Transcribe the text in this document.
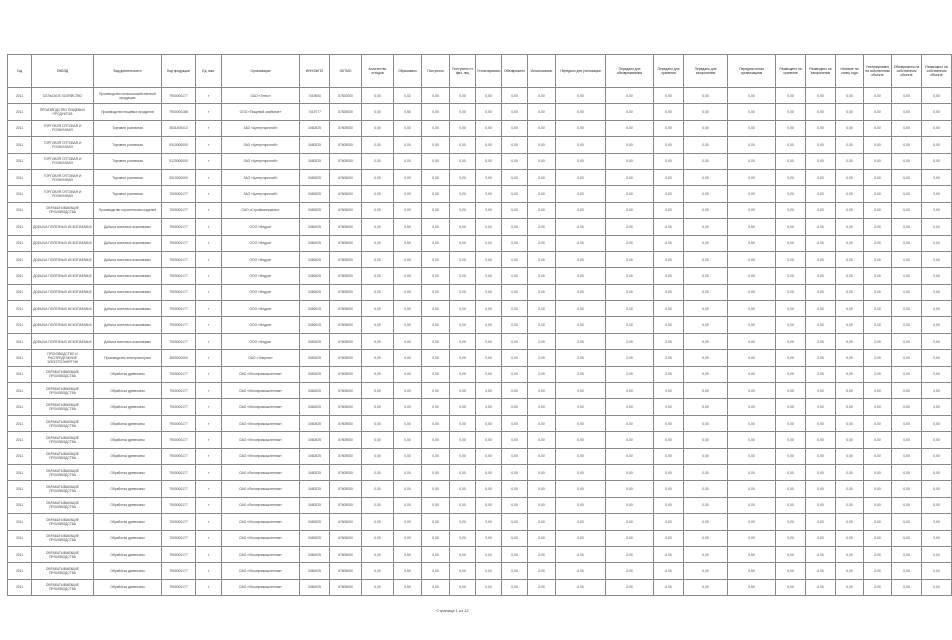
Год	ОКВЭД	Вид деятельности	Код продукции	Ед. изм.	Организация	ИНН/ОКПО	ОКТМО	Количество отходов	Образовано	Поступило	Поступило от физ. лиц	Утилизировано	Обезврежено	Использовано	Передано для утилизации	Передано для обезвреживания	Передано для хранения	Передано для захоронения	Передано иным организациям	Размещено на хранение	Размещено на захоронение	Наличие на конец года	Утилизировано на собственном объекте	Обезврежено на собственном объекте	Размещено на собственном объекте
2011	СЕЛЬСКОЕ ХОЗЯЙСТВО	Производство сельскохозяйственной продукции	7900000177	т	ОАО «Тетис»	7419000	57620000	0,00	0,02	0,00	0,00	0,00	0,00	0,00	0,00	0,00	0,00	0,00	0,00	0,00	0,00	0,00	0,00	0,00	0,00
2011	ПРОИЗВОДСТВО ПИЩЕВЫХ ПРОДУКТОВ	Производство пищевых продуктов	7900000188	т	ООО «Пищевой комбинат»	7419777	57625000	0,00	0,50	0,00	0,00	0,00	0,00	0,00	0,00	0,00	0,00	0,00	0,00	0,00	0,00	0,00	0,00	0,00	0,00
2011	ТОРГОВЛЯ ОПТОВАЯ И РОЗНИЧНАЯ	Торговля розничная	3531400013	т	ЗАО «Центрторгснаб»	3460025	57605000	0,00	0,00	0,00	0,00	0,00	0,00	0,00	0,00	0,00	0,00	0,00	0,00	0,00	0,00	0,00	0,00	0,00	0,00
2011	ТОРГОВЛЯ ОПТОВАЯ И РОЗНИЧНАЯ	Торговля розничная	9310000000	т	ЗАО «Центрторгснаб»	3460025	57605000	0,00	0,00	0,00	0,00	0,00	0,00	0,00	0,00	0,00	0,00	0,00	0,00	0,00	0,00	0,00	0,00	0,00	0,00
2011	ТОРГОВЛЯ ОПТОВАЯ И РОЗНИЧНАЯ	Торговля розничная	9120000000	т	ЗАО «Центрторгснаб»	3460025	57605000	0,00	0,00	0,00	0,00	0,00	0,00	0,00	0,00	0,00	0,00	0,00	0,00	0,00	0,00	0,00	0,00	0,00	0,00
2011	ТОРГОВЛЯ ОПТОВАЯ И РОЗНИЧНАЯ	Торговля розничная	9310000000	т	ЗАО «Центрторгснаб»	3460025	57605000	0,00	0,00	0,00	0,00	0,00	0,00	0,00	0,00	0,00	0,00	0,00	0,00	0,00	0,00	0,00	0,00	0,00	0,00
2011	ТОРГОВЛЯ ОПТОВАЯ И РОЗНИЧНАЯ	Торговля розничная	7900000177	т	ЗАО «Центрторгснаб»	3460025	57605000	0,00	0,00	0,00	0,00	0,00	0,00	0,00	0,00	0,00	0,00	0,00	0,00	0,00	0,00	0,00	0,00	0,00	0,00
2011	ОБРАБАТЫВАЮЩИЕ ПРОИЗВОДСТВА	Производство строительных изделий	7900000177	т	ОАО «Стройматериалы»	3460025	57605000	0,00	0,00	0,00	0,00	0,00	0,00	0,00	0,00	0,00	0,00	0,00	0,00	0,00	0,00	0,00	0,00	0,00	0,00
2011	ДОБЫЧА ПОЛЕЗНЫХ ИСКОПАЕМЫХ	Добыча полезных ископаемых	7900000177	т	ООО «Недра»	3460025	57605000	0,00	0,00	0,00	0,00	0,00	0,00	0,00	0,00	0,00	0,00	0,00	0,00	0,00	0,00	0,00	0,00	0,00	0,00
2011	ДОБЫЧА ПОЛЕЗНЫХ ИСКОПАЕМЫХ	Добыча полезных ископаемых	7900000177	т	ООО «Недра»	3460025	57605000	0,00	0,00	0,00	0,00	0,00	0,00	0,00	0,00	0,00	0,00	0,00	0,00	0,00	0,00	0,00	0,00	0,00	0,00
2011	ДОБЫЧА ПОЛЕЗНЫХ ИСКОПАЕМЫХ	Добыча полезных ископаемых	7900000177	т	ООО «Недра»	3460025	57605000	0,00	0,00	0,00	0,00	0,00	0,00	0,00	0,00	0,00	0,00	0,00	0,00	0,00	0,00	0,00	0,00	0,00	0,00
2011	ДОБЫЧА ПОЛЕЗНЫХ ИСКОПАЕМЫХ	Добыча полезных ископаемых	7900000177	т	ООО «Недра»	3460025	57605000	0,00	0,00	0,00	0,00	0,00	0,00	0,00	0,00	0,00	0,00	0,00	0,00	0,00	0,00	0,00	0,00	0,00	0,00
2011	ДОБЫЧА ПОЛЕЗНЫХ ИСКОПАЕМЫХ	Добыча полезных ископаемых	7900000177	т	ООО «Недра»	3460025	57605000	0,00	0,00	0,00	0,00	0,00	0,00	0,00	0,00	0,00	0,00	0,00	0,00	0,00	0,00	0,00	0,00	0,00	0,00
2011	ДОБЫЧА ПОЛЕЗНЫХ ИСКОПАЕМЫХ	Добыча полезных ископаемых	7900000177	т	ООО «Недра»	3460025	57605000	0,00	0,00	0,00	0,00	0,00	0,00	0,00	0,00	0,00	0,00	0,00	0,00	0,00	0,00	0,00	0,00	0,00	0,00
2011	ДОБЫЧА ПОЛЕЗНЫХ ИСКОПАЕМЫХ	Добыча полезных ископаемых	7900000177	т	ООО «Недра»	3460025	57605000	0,00	0,00	0,00	0,00	0,00	0,00	0,00	0,00	0,00	0,00	0,00	0,00	0,00	0,00	0,00	0,00	0,00	0,00
2011	ДОБЫЧА ПОЛЕЗНЫХ ИСКОПАЕМЫХ	Добыча полезных ископаемых	7900000177	т	ООО «Недра»	3460025	57605000	0,00	0,00	0,00	0,00	0,00	0,00	0,00	0,00	0,00	0,00	0,00	0,00	0,00	0,00	0,00	0,00	0,00	0,00
2011	ПРОИЗВОДСТВО И РАСПРЕДЕЛЕНИЕ ЭЛЕКТРОЭНЕРГИИ	Производство электроэнергии	3500000000	т	ОАО «Энергия»	3460025	57605000	0,00	0,00	0,00	0,00	0,00	0,00	0,00	0,00	0,00	0,00	0,00	0,00	0,00	0,00	0,00	0,00	0,00	0,00
2011	ОБРАБАТЫВАЮЩИЕ ПРОИЗВОДСТВА	Обработка древесины	7900000177	т	ОАО «Лесопромышленник»	3460025	57605000	0,00	0,00	0,00	0,00	0,00	0,00	0,00	0,00	0,00	0,00	0,00	0,00	0,00	0,00	0,00	0,00	0,00	0,00
2011	ОБРАБАТЫВАЮЩИЕ ПРОИЗВОДСТВА	Обработка древесины	7900000177	т	ОАО «Лесопромышленник»	3460025	57605000	0,00	0,00	0,00	0,00	0,00	0,00	0,00	0,00	0,00	0,00	0,00	0,00	0,00	0,00	0,00	0,00	0,00	0,00
2011	ОБРАБАТЫВАЮЩИЕ ПРОИЗВОДСТВА	Обработка древесины	7900000177	т	ОАО «Лесопромышленник»	3460025	57605000	0,00	0,00	0,00	0,00	0,00	0,00	0,00	0,00	0,00	0,00	0,00	0,00	0,00	0,00	0,00	0,00	0,00	0,00
2011	ОБРАБАТЫВАЮЩИЕ ПРОИЗВОДСТВА	Обработка древесины	7900000177	т	ОАО «Лесопромышленник»	3460025	57605000	0,00	0,00	0,00	0,00	0,00	0,00	0,00	0,00	0,00	0,00	0,00	0,00	0,00	0,00	0,00	0,00	0,00	0,00
2011	ОБРАБАТЫВАЮЩИЕ ПРОИЗВОДСТВА	Обработка древесины	7900000177	т	ОАО «Лесопромышленник»	3460025	57605000	0,00	0,00	0,00	0,00	0,00	0,00	0,00	0,00	0,00	0,00	0,00	0,00	0,00	0,00	0,00	0,00	0,00	0,00
2011	ОБРАБАТЫВАЮЩИЕ ПРОИЗВОДСТВА	Обработка древесины	7900000177	т	ОАО «Лесопромышленник»	3460025	57605000	0,00	0,00	0,00	0,00	0,00	0,00	0,00	0,00	0,00	0,00	0,00	0,00	0,00	0,00	0,00	0,00	0,00	0,00
2011	ОБРАБАТЫВАЮЩИЕ ПРОИЗВОДСТВА	Обработка древесины	7900000177	т	ОАО «Лесопромышленник»	3460025	57605000	0,00	0,00	0,00	0,00	0,00	0,00	0,00	0,00	0,00	0,00	0,00	0,00	0,00	0,00	0,00	0,00	0,00	0,00
2011	ОБРАБАТЫВАЮЩИЕ ПРОИЗВОДСТВА	Обработка древесины	7900000177	т	ОАО «Лесопромышленник»	3460025	57605000	0,00	0,00	0,00	0,00	0,00	0,00	0,00	0,00	0,00	0,00	0,00	0,00	0,00	0,00	0,00	0,00	0,00	0,00
2011	ОБРАБАТЫВАЮЩИЕ ПРОИЗВОДСТВА	Обработка древесины	7900000177	т	ОАО «Лесопромышленник»	3460025	57605000	0,00	0,00	0,00	0,00	0,00	0,00	0,00	0,00	0,00	0,00	0,00	0,00	0,00	0,00	0,00	0,00	0,00	0,00
2011	ОБРАБАТЫВАЮЩИЕ ПРОИЗВОДСТВА	Обработка древесины	7900000177	т	ОАО «Лесопромышленник»	3460025	57605000	0,00	0,00	0,00	0,00	0,00	0,00	0,00	0,00	0,00	0,00	0,00	0,00	0,00	0,00	0,00	0,00	0,00	0,00
2011	ОБРАБАТЫВАЮЩИЕ ПРОИЗВОДСТВА	Обработка древесины	7900000177	т	ОАО «Лесопромышленник»	3460025	57605000	0,00	0,00	0,00	0,00	0,00	0,00	0,00	0,00	0,00	0,00	0,00	0,00	0,00	0,00	0,00	0,00	0,00	0,00
2011	ОБРАБАТЫВАЮЩИЕ ПРОИЗВОДСТВА	Обработка древесины	7900000177	т	ОАО «Лесопромышленник»	3460025	57605000	0,00	0,00	0,00	0,00	0,00	0,00	0,00	0,00	0,00	0,00	0,00	0,00	0,00	0,00	0,00	0,00	0,00	0,00
2011	ОБРАБАТЫВАЮЩИЕ ПРОИЗВОДСТВА	Обработка древесины	7900000177	т	ОАО «Лесопромышленник»	3460025	57605000	0,00	0,00	0,00	0,00	0,00	0,00	0,00	0,00	0,00	0,00	0,00	0,00	0,00	0,00	0,00	0,00	0,00	0,00
2011	ОБРАБАТЫВАЮЩИЕ ПРОИЗВОДСТВА	Обработка древесины	7900000177	т	ОАО «Лесопромышленник»	3460025	57605000	0,00	0,00	0,00	0,00	0,00	0,00	0,00	0,00	0,00	0,00	0,00	0,00	0,00	0,00	0,00	0,00	0,00	0,00
Страница 1 из 12
